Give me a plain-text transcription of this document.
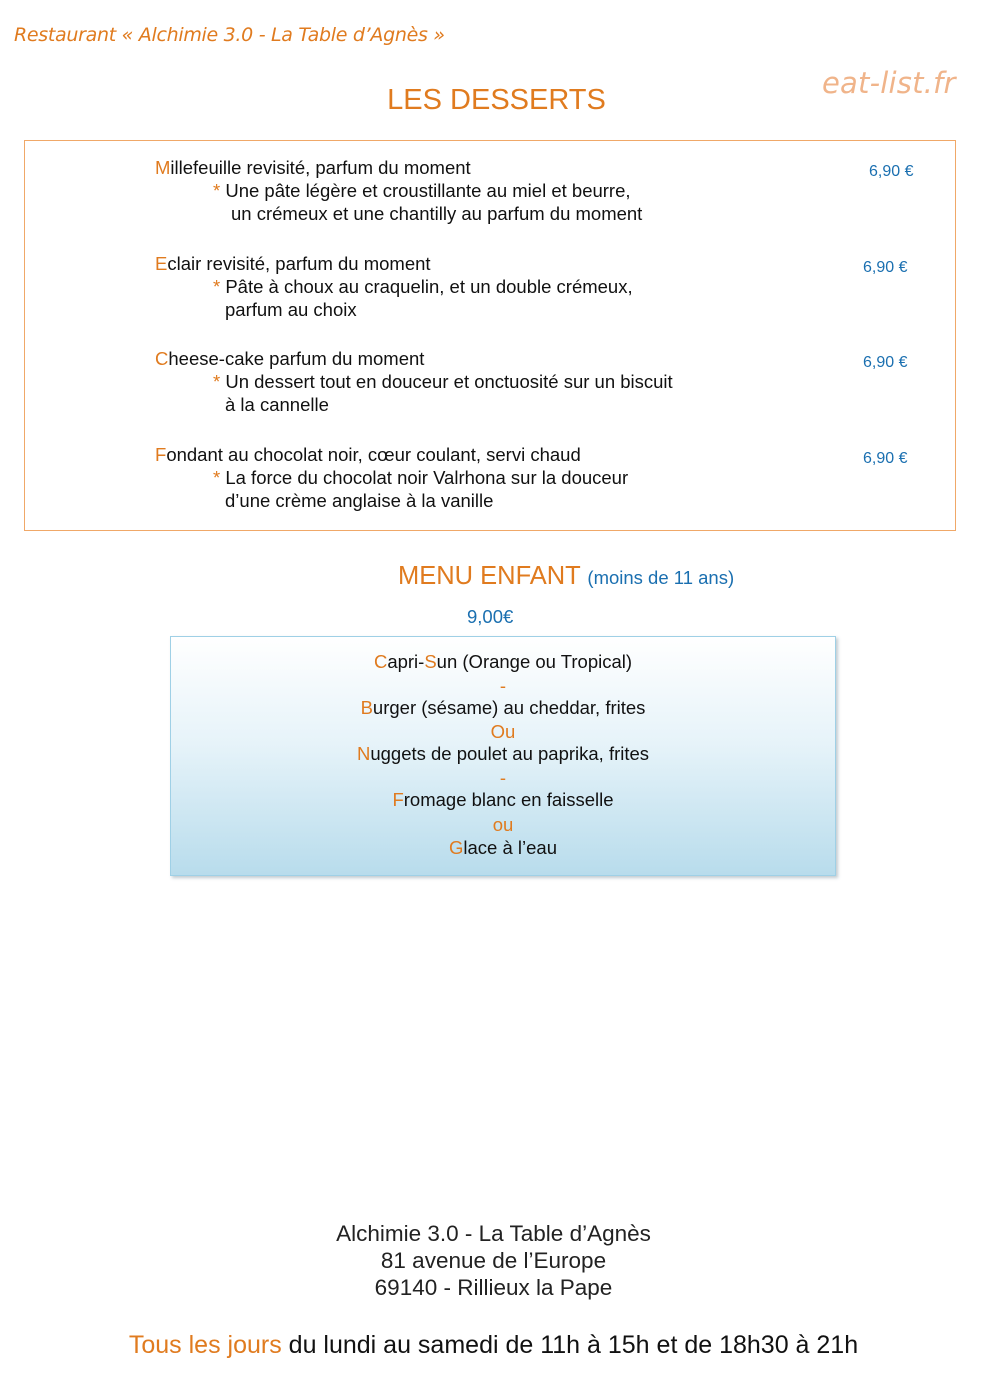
Restaurant « Alchimie 3.0 - La Table d’Agnès »
eat-list.fr
LES DESSERTS
Millefeuille revisité, parfum du moment	6,90 €
* Une pâte légère et croustillante au miel et beurre,
un crémeux et une chantilly au parfum du moment
Eclair revisité, parfum du moment	6,90 €
* Pâte à choux au craquelin, et un double crémeux,
parfum au choix
Cheese-cake parfum du moment	6,90 €
* Un dessert tout en douceur et onctuosité sur un biscuit
à la cannelle
Fondant au chocolat noir, cœur coulant, servi chaud	6,90 €
* La force du chocolat noir Valrhona sur la douceur
d’une crème anglaise à la vanille
MENU ENFANT (moins de 11 ans)
9,00€
Capri-Sun (Orange ou Tropical)
-
Burger (sésame) au cheddar, frites
Ou
Nuggets de poulet au paprika, frites
-
Fromage blanc en faisselle
ou
Glace à l’eau
Alchimie 3.0 - La Table d’Agnès
81 avenue de l’Europe
69140 - Rillieux la Pape
Tous les jours du lundi au samedi de 11h à 15h et de 18h30 à 21h
